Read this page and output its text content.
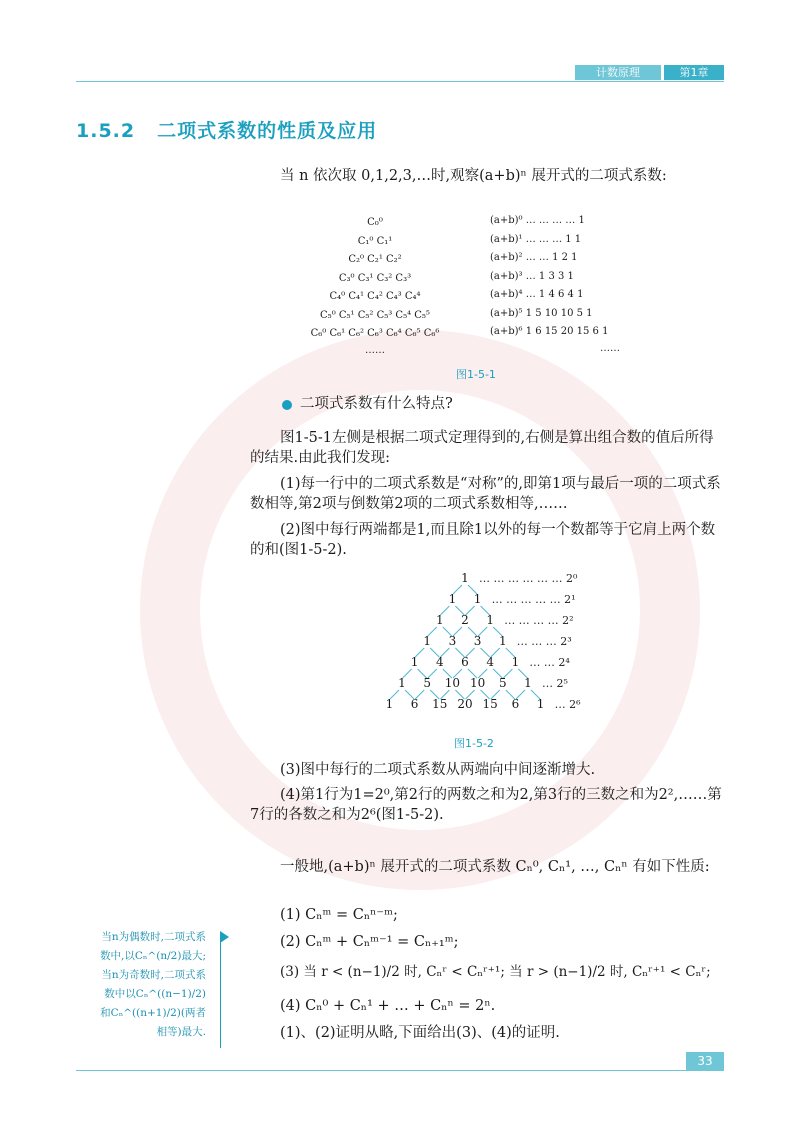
计数原理	第1章
1.5.2 二项式系数的性质及应用
当 n 依次取 0,1,2,3,…时,观察(a+b)ⁿ 展开式的二项式系数:
C₀⁰
C₁⁰ C₁¹
C₂⁰ C₂¹ C₂²
C₃⁰ C₃¹ C₃² C₃³
C₄⁰ C₄¹ C₄² C₄³ C₄⁴
C₅⁰ C₅¹ C₅² C₅³ C₅⁴ C₅⁵
C₆⁰ C₆¹ C₆² C₆³ C₆⁴ C₆⁵ C₆⁶
……
(a+b)⁰ … … … … 1
(a+b)¹ … … … 1 1
(a+b)² … … 1 2 1
(a+b)³ … 1 3 3 1
(a+b)⁴ … 1 4 6 4 1
(a+b)⁵ 1 5 10 10 5 1
(a+b)⁶ 1 6 15 20 15 6 1
……
图1-5-1
二项式系数有什么特点?
图1-5-1左侧是根据二项式定理得到的,右侧是算出组合数的值后所得的结果.由此我们发现:
(1)每一行中的二项式系数是“对称”的,即第1项与最后一项的二项式系数相等,第2项与倒数第2项的二项式系数相等,……
(2)图中每行两端都是1,而且除1以外的每一个数都等于它肩上两个数的和(图1-5-2).
1
1 1
1 2 1
1 3 3 1
1 4 6 4 1
1 5 10 10 5 1
1 6 15 20 15 6 1
… … … … … … 2⁰
… … … … … 2¹
… … … … 2²
… … … 2³
… … 2⁴
… 2⁵
… 2⁶
图1-5-2
(3)图中每行的二项式系数从两端向中间逐渐增大.
(4)第1行为1=2⁰,第2行的两数之和为2,第3行的三数之和为2²,……第7行的各数之和为2⁶(图1-5-2).
一般地,(a+b)ⁿ 展开式的二项式系数 Cₙ⁰, Cₙ¹, …, Cₙⁿ 有如下性质:
(1) Cₙᵐ = Cₙⁿ⁻ᵐ;
(2) Cₙᵐ + Cₙᵐ⁻¹ = Cₙ₊₁ᵐ;
(3) 当 r < (n−1)/2 时, Cₙʳ < Cₙʳ⁺¹; 当 r > (n−1)/2 时, Cₙʳ⁺¹ < Cₙʳ;
(4) Cₙ⁰ + Cₙ¹ + … + Cₙⁿ = 2ⁿ.
(1)、(2)证明从略,下面给出(3)、(4)的证明.
当n为偶数时,二项式系数中,以Cₙ^(n/2)最大;当n为奇数时,二项式系数中以Cₙ^((n−1)/2)和Cₙ^((n+1)/2)(两者相等)最大.
33
